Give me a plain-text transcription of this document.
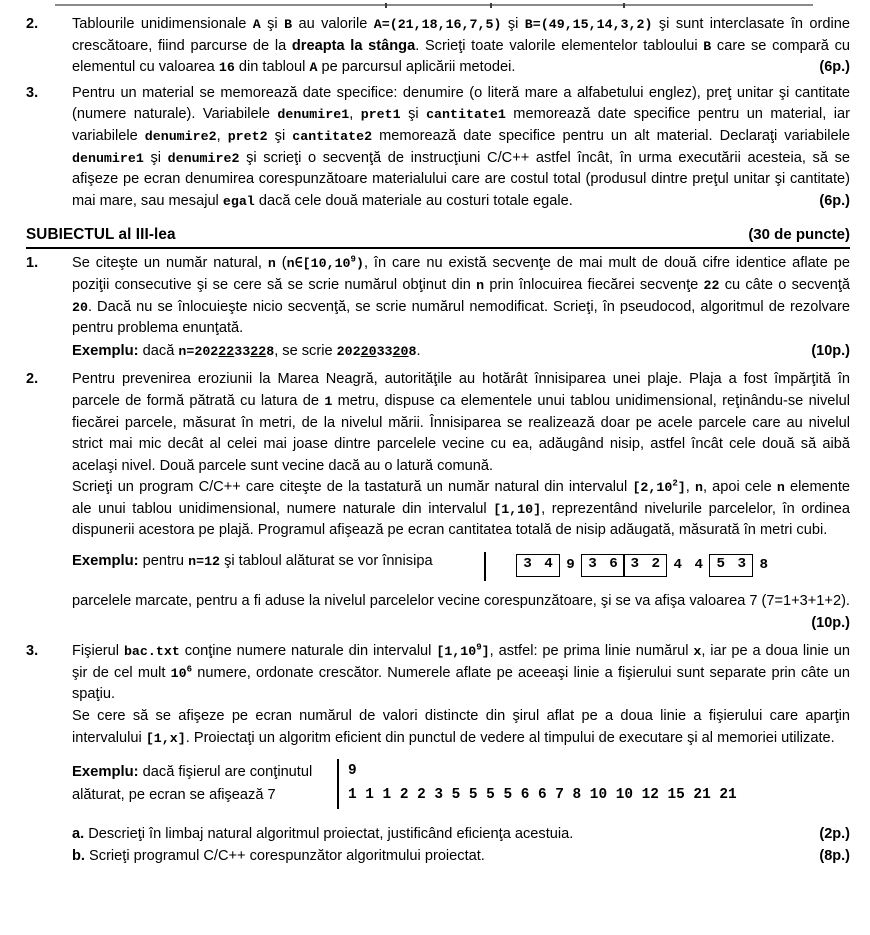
2. Tablourile unidimensionale A şi B au valorile A=(21,18,16,7,5) şi B=(49,15,14,3,2) şi sunt interclasate în ordine crescătoare, fiind parcurse de la dreapta la stânga. Scrieţi toate valorile elementelor tabloului B care se compară cu elementul cu valoarea 16 din tabloul A pe parcursul aplicării metodei.	(6p.)

3. Pentru un material se memorează date specifice: denumire (o literă mare a alfabetului englez), preţ unitar şi cantitate (numere naturale). Variabilele denumire1, pret1 şi cantitate1 memorează date specifice pentru un material, iar variabilele denumire2, pret2 şi cantitate2 memorează date specifice pentru un alt material. Declaraţi variabilele denumire1 şi denumire2 şi scrieţi o secvenţă de instrucţiuni C/C++ astfel încât, în urma executării acesteia, să se afişeze pe ecran denumirea corespunzătoare materialului care are costul total (produsul dintre preţul unitar şi cantitate) mai mare, sau mesajul egal dacă cele două materiale au costuri totale egale.	(6p.)

SUBIECTUL al III-lea	(30 de puncte)
1. Se citeşte un număr natural, n (n∈[10,10$^9$), în care nu există secvenţe de mai mult de două cifre identice aflate pe poziţii consecutive şi se cere să se scrie numărul obţinut din n prin înlocuirea fiecărei secvenţe 22 cu câte o secvenţă 20. Dacă nu se înlocuieşte nicio secvenţă, se scrie numărul nemodificat. Scrieţi, în pseudocod, algoritmul de rezolvare pentru problema enunţată.

Exemplu: dacă n=2022233228, se scrie 2022033208.	(10p.)

2. Pentru prevenirea eroziunii la Marea Neagră, autorităţile au hotărât înnisiparea unei plaje. Plaja a fost împărţită în parcele de formă pătrată cu latura de 1 metru, dispuse ca elementele unui tablou unidimensional, reţinându-se nivelul fiecărei parcele, măsurat în metri, de la nivelul mării. Înnisiparea se realizează doar pe acele parcele care au nivelul strict mai mic decât al celei mai joase dintre parcelele vecine cu ea, adăugând nisip, astfel încât cele două să aibă acelaşi nivel. Două parcele sunt vecine dacă au o latură comună.

Scrieţi un program C/C++ care citeşte de la tastatură un număr natural din intervalul [2,10$^2$], n, apoi cele n elemente ale unui tablou unidimensional, numere naturale din intervalul [1,10], reprezentând nivelurile parcelelor, în ordinea dispunerii acestora pe plajă. Programul afişează pe ecran cantitatea totală de nisip adăugată, măsurată în metri cubi.

Exemplu: pentru n=12 şi tabloul alăturat se vor înnisipa	3 4 9 3 6 3 2 4 4 5 3 8

parcelele marcate, pentru a fi aduse la nivelul parcelelor vecine corespunzătoare, şi se va afişa valoarea 7 (7=1+3+1+2).
(10p.)

3. Fişierul bac.txt conţine numere naturale din intervalul [1,10$^9$], astfel: pe prima linie numărul x, iar pe a doua linie un şir de cel mult $10^6$ numere, ordonate crescător. Numerele aflate pe aceeaşi linie a fişierului sunt separate prin câte un spaţiu.

Se cere să se afişeze pe ecran numărul de valori distincte din şirul aflat pe a doua linie a fişierului care aparţin intervalului [1,x]. Proiectaţi un algoritm eficient din punctul de vedere al timpului de executare şi al memoriei utilizate.

Exemplu: dacă fişierul are conţinutul
alăturat, pe ecran se afişează 7
9
1 1 1 2 2 3 5 5 5 5 6 6 7 8 10 10 12 15 21 21
a. Descrieţi în limbaj natural algoritmul proiectat, justificând eficienţa acestuia.	(2p.)
b. Scrieţi programul C/C++ corespunzător algoritmului proiectat.	(8p.)
